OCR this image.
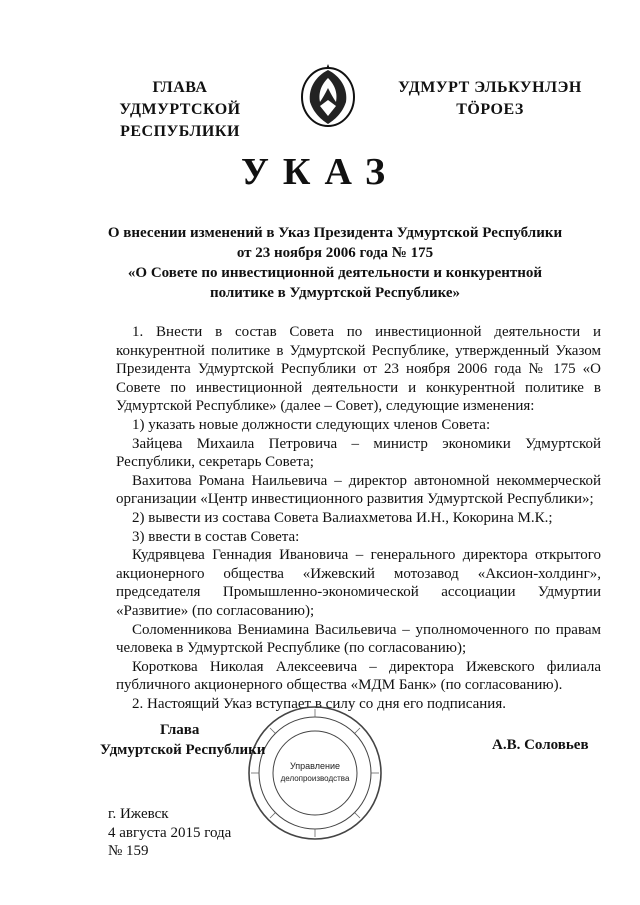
ГЛАВА
УДМУРТСКОЙ РЕСПУБЛИКИ
УДМУРТ ЭЛЬКУНЛЭН
ТÖРОЕЗ
УКАЗ
О внесении изменений в Указ Президента Удмуртской Республики
от 23 ноября 2006 года № 175
«О Совете по инвестиционной деятельности и конкурентной
политике в Удмуртской Республике»
1. Внести в состав Совета по инвестиционной деятельности и конкурентной политике в Удмуртской Республике, утвержденный Указом Президента Удмуртской Республики от 23 ноября 2006 года № 175 «О Совете по инвестиционной деятельности и конкурентной политике в Удмуртской Республике» (далее – Совет), следующие изменения:
1) указать новые должности следующих членов Совета:
Зайцева Михаила Петровича – министр экономики Удмуртской Республики, секретарь Совета;
Вахитова Романа Наильевича – директор автономной некоммерческой организации «Центр инвестиционного развития Удмуртской Республики»;
2) вывести из состава Совета Валиахметова И.Н., Кокорина М.К.;
3) ввести в состав Совета:
Кудрявцева Геннадия Ивановича – генерального директора открытого акционерного общества «Ижевский мотозавод «Аксион-холдинг», председателя Промышленно-экономической ассоциации Удмуртии «Развитие» (по согласованию);
Соломенникова Вениамина Васильевича – уполномоченного по правам человека в Удмуртской Республике (по согласованию);
Короткова Николая Алексеевича – директора Ижевского филиала публичного акционерного общества «МДМ Банк» (по согласованию).
2. Настоящий Указ вступает в силу со дня его подписания.
Управление
делопроизводства
Глава
Удмуртской Республики	А.В. Соловьев
г. Ижевск
4 августа 2015 года
№ 159
